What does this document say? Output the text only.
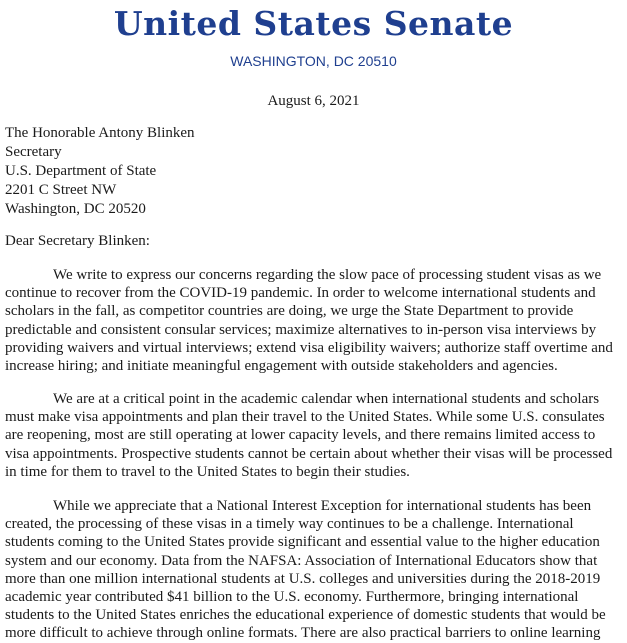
United States Senate
WASHINGTON, DC 20510
August 6, 2021
The Honorable Antony Blinken
Secretary
U.S. Department of State
2201 C Street NW
Washington, DC 20520
Dear Secretary Blinken:

We write to express our concerns regarding the slow pace of processing student visas as we
continue to recover from the COVID-19 pandemic. In order to welcome international students and
scholars in the fall, as competitor countries are doing, we urge the State Department to provide
predictable and consistent consular services; maximize alternatives to in-person visa interviews by
providing waivers and virtual interviews; extend visa eligibility waivers; authorize staff overtime and
increase hiring; and initiate meaningful engagement with outside stakeholders and agencies.

We are at a critical point in the academic calendar when international students and scholars
must make visa appointments and plan their travel to the United States. While some U.S. consulates
are reopening, most are still operating at lower capacity levels, and there remains limited access to
visa appointments. Prospective students cannot be certain about whether their visas will be processed
in time for them to travel to the United States to begin their studies.

While we appreciate that a National Interest Exception for international students has been
created, the processing of these visas in a timely way continues to be a challenge. International
students coming to the United States provide significant and essential value to the higher education
system and our economy. Data from the NAFSA: Association of International Educators show that
more than one million international students at U.S. colleges and universities during the 2018-2019
academic year contributed $41 billion to the U.S. economy. Furthermore, bringing international
students to the United States enriches the educational experience of domestic students that would be
more difficult to achieve through online formats. There are also practical barriers to online learning
